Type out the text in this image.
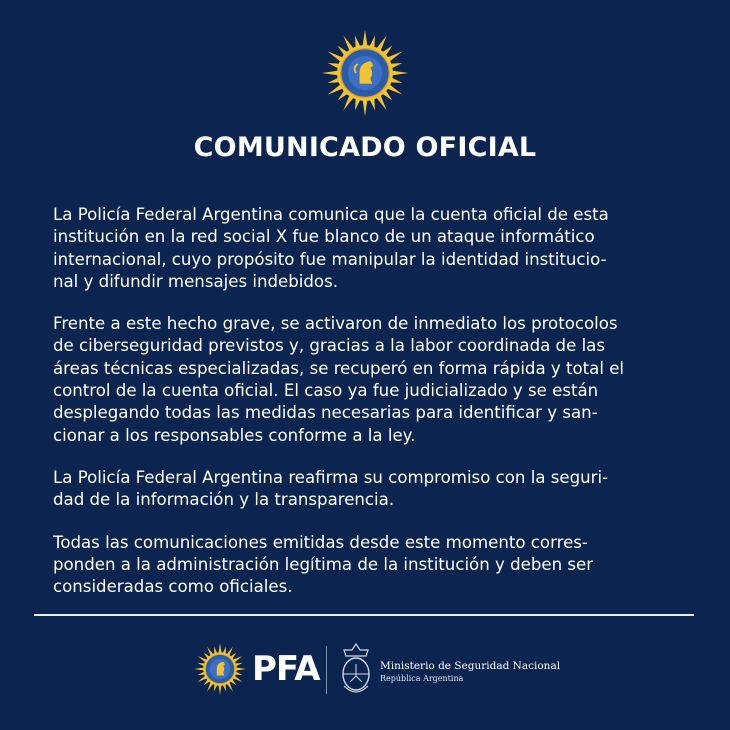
COMUNICADO OFICIAL

La Policía Federal Argentina comunica que la cuenta oficial de esta
institución en la red social X fue blanco de un ataque informático
internacional, cuyo propósito fue manipular la identidad institucio-
nal y difundir mensajes indebidos.

Frente a este hecho grave, se activaron de inmediato los protocolos
de ciberseguridad previstos y, gracias a la labor coordinada de las
áreas técnicas especializadas, se recuperó en forma rápida y total el
control de la cuenta oficial. El caso ya fue judicializado y se están
desplegando todas las medidas necesarias para identificar y san-
cionar a los responsables conforme a la ley.

La Policía Federal Argentina reafirma su compromiso con la seguri-
dad de la información y la transparencia.

Todas las comunicaciones emitidas desde este momento corres-
ponden a la administración legítima de la institución y deben ser
consideradas como oficiales.

PFA	Ministerio de Seguridad Nacional
República Argentina
